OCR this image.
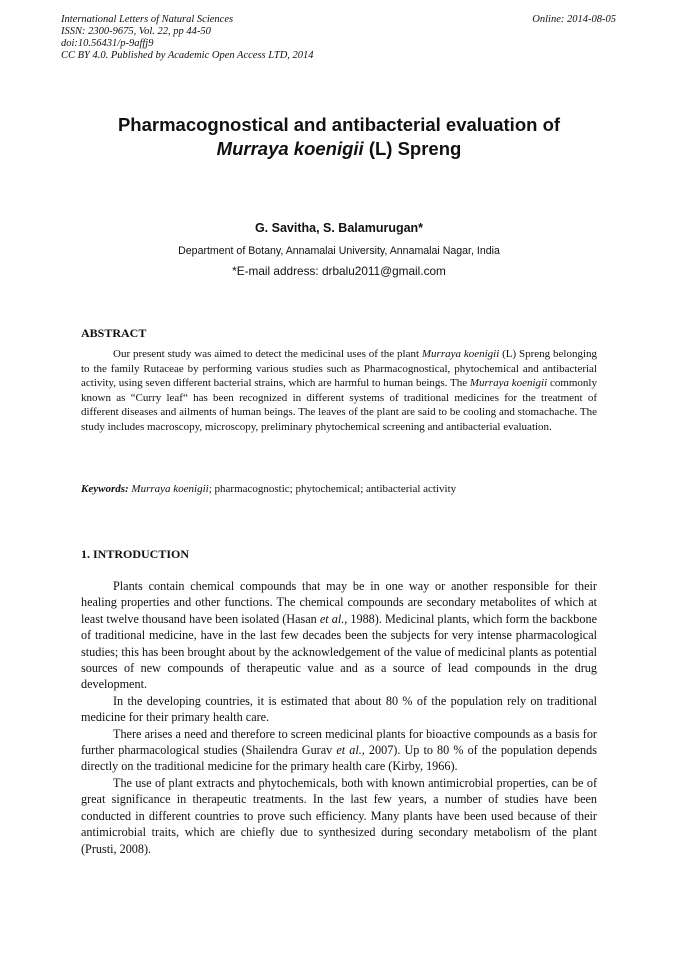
International Letters of Natural Sciences
ISSN: 2300-9675, Vol. 22, pp 44-50
doi:10.56431/p-9affj9
CC BY 4.0. Published by Academic Open Access LTD, 2014
Online: 2014-08-05
Pharmacognostical and antibacterial evaluation of
Murraya koenigii (L) Spreng
G. Savitha, S. Balamurugan*
Department of Botany, Annamalai University, Annamalai Nagar, India
*E-mail address: drbalu2011@gmail.com
ABSTRACT

Our present study was aimed to detect the medicinal uses of the plant Murraya koenigii (L) Spreng belonging to the family Rutaceae by performing various studies such as Pharmacognostical, phytochemical and antibacterial activity, using seven different bacterial strains, which are harmful to human beings. The Murraya koenigii commonly known as “Curry leaf“ has been recognized in different systems of traditional medicines for the treatment of different diseases and ailments of human beings. The leaves of the plant are said to be cooling and stomachache. The study includes macroscopy, microscopy, preliminary phytochemical screening and antibacterial evaluation.

Keywords: Murraya koenigii; pharmacognostic; phytochemical; antibacterial activity
1. INTRODUCTION

Plants contain chemical compounds that may be in one way or another responsible for their healing properties and other functions. The chemical compounds are secondary metabolites of which at least twelve thousand have been isolated (Hasan et al., 1988). Medicinal plants, which form the backbone of traditional medicine, have in the last few decades been the subjects for very intense pharmacological studies; this has been brought about by the acknowledgement of the value of medicinal plants as potential sources of new compounds of therapeutic value and as a source of lead compounds in the drug development.

In the developing countries, it is estimated that about 80 % of the population rely on traditional medicine for their primary health care.

There arises a need and therefore to screen medicinal plants for bioactive compounds as a basis for further pharmacological studies (Shailendra Gurav et al., 2007). Up to 80 % of the population depends directly on the traditional medicine for the primary health care (Kirby, 1966).

The use of plant extracts and phytochemicals, both with known antimicrobial properties, can be of great significance in therapeutic treatments. In the last few years, a number of studies have been conducted in different countries to prove such efficiency. Many plants have been used because of their antimicrobial traits, which are chiefly due to synthesized during secondary metabolism of the plant (Prusti, 2008).
